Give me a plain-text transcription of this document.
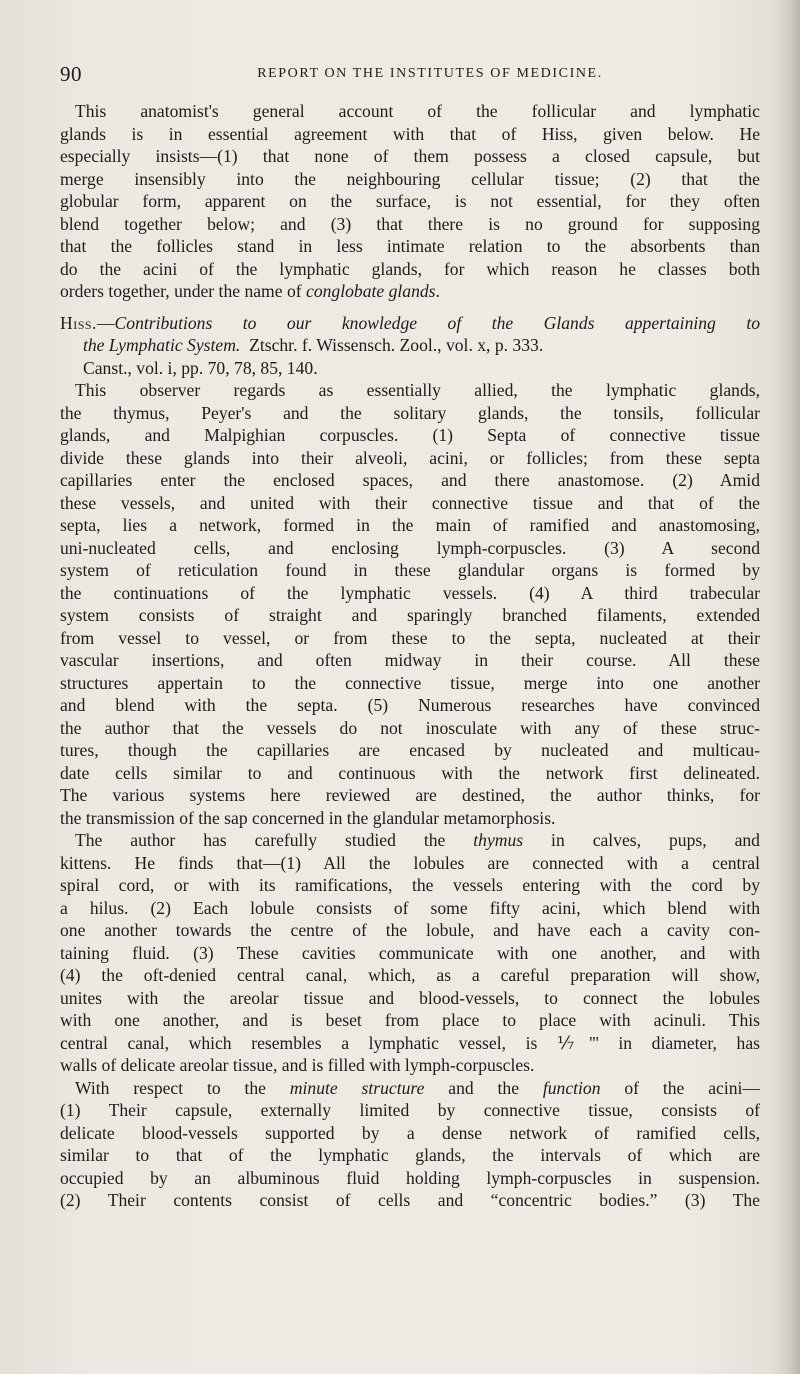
90	REPORT ON THE INSTITUTES OF MEDICINE.
This anatomist's general account of the follicular and lymphatic
glands is in essential agreement with that of Hiss, given below. He
especially insists—(1) that none of them possess a closed capsule, but
merge insensibly into the neighbouring cellular tissue; (2) that the
globular form, apparent on the surface, is not essential, for they often
blend together below; and (3) that there is no ground for supposing
that the follicles stand in less intimate relation to the absorbents than
do the acini of the lymphatic glands, for which reason he classes both
orders together, under the name of conglobate glands.
Hiss.—Contributions to our knowledge of the Glands appertaining to
the Lymphatic System. Ztschr. f. Wissensch. Zool., vol. x, p. 333.
Canst., vol. i, pp. 70, 78, 85, 140.
This observer regards as essentially allied, the lymphatic glands,
the thymus, Peyer's and the solitary glands, the tonsils, follicular
glands, and Malpighian corpuscles. (1) Septa of connective tissue
divide these glands into their alveoli, acini, or follicles; from these septa
capillaries enter the enclosed spaces, and there anastomose. (2) Amid
these vessels, and united with their connective tissue and that of the
septa, lies a network, formed in the main of ramified and anastomosing,
uni-nucleated cells, and enclosing lymph-corpuscles. (3) A second
system of reticulation found in these glandular organs is formed by
the continuations of the lymphatic vessels. (4) A third trabecular
system consists of straight and sparingly branched filaments, extended
from vessel to vessel, or from these to the septa, nucleated at their
vascular insertions, and often midway in their course. All these
structures appertain to the connective tissue, merge into one another
and blend with the septa. (5) Numerous researches have convinced
the author that the vessels do not inosculate with any of these struc-
tures, though the capillaries are encased by nucleated and multicau-
date cells similar to and continuous with the network first delineated.
The various systems here reviewed are destined, the author thinks, for
the transmission of the sap concerned in the glandular metamorphosis.
The author has carefully studied the thymus in calves, pups, and
kittens. He finds that—(1) All the lobules are connected with a central
spiral cord, or with its ramifications, the vessels entering with the cord by
a hilus. (2) Each lobule consists of some fifty acini, which blend with
one another towards the centre of the lobule, and have each a cavity con-
taining fluid. (3) These cavities communicate with one another, and with
(4) the oft-denied central canal, which, as a careful preparation will show,
unites with the areolar tissue and blood-vessels, to connect the lobules
with one another, and is beset from place to place with acinuli. This
central canal, which resembles a lymphatic vessel, is ⅐''' in diameter, has
walls of delicate areolar tissue, and is filled with lymph-corpuscles.
With respect to the minute structure and the function of the acini—
(1) Their capsule, externally limited by connective tissue, consists of
delicate blood-vessels supported by a dense network of ramified cells,
similar to that of the lymphatic glands, the intervals of which are
occupied by an albuminous fluid holding lymph-corpuscles in suspension.
(2) Their contents consist of cells and “concentric bodies.” (3) The
